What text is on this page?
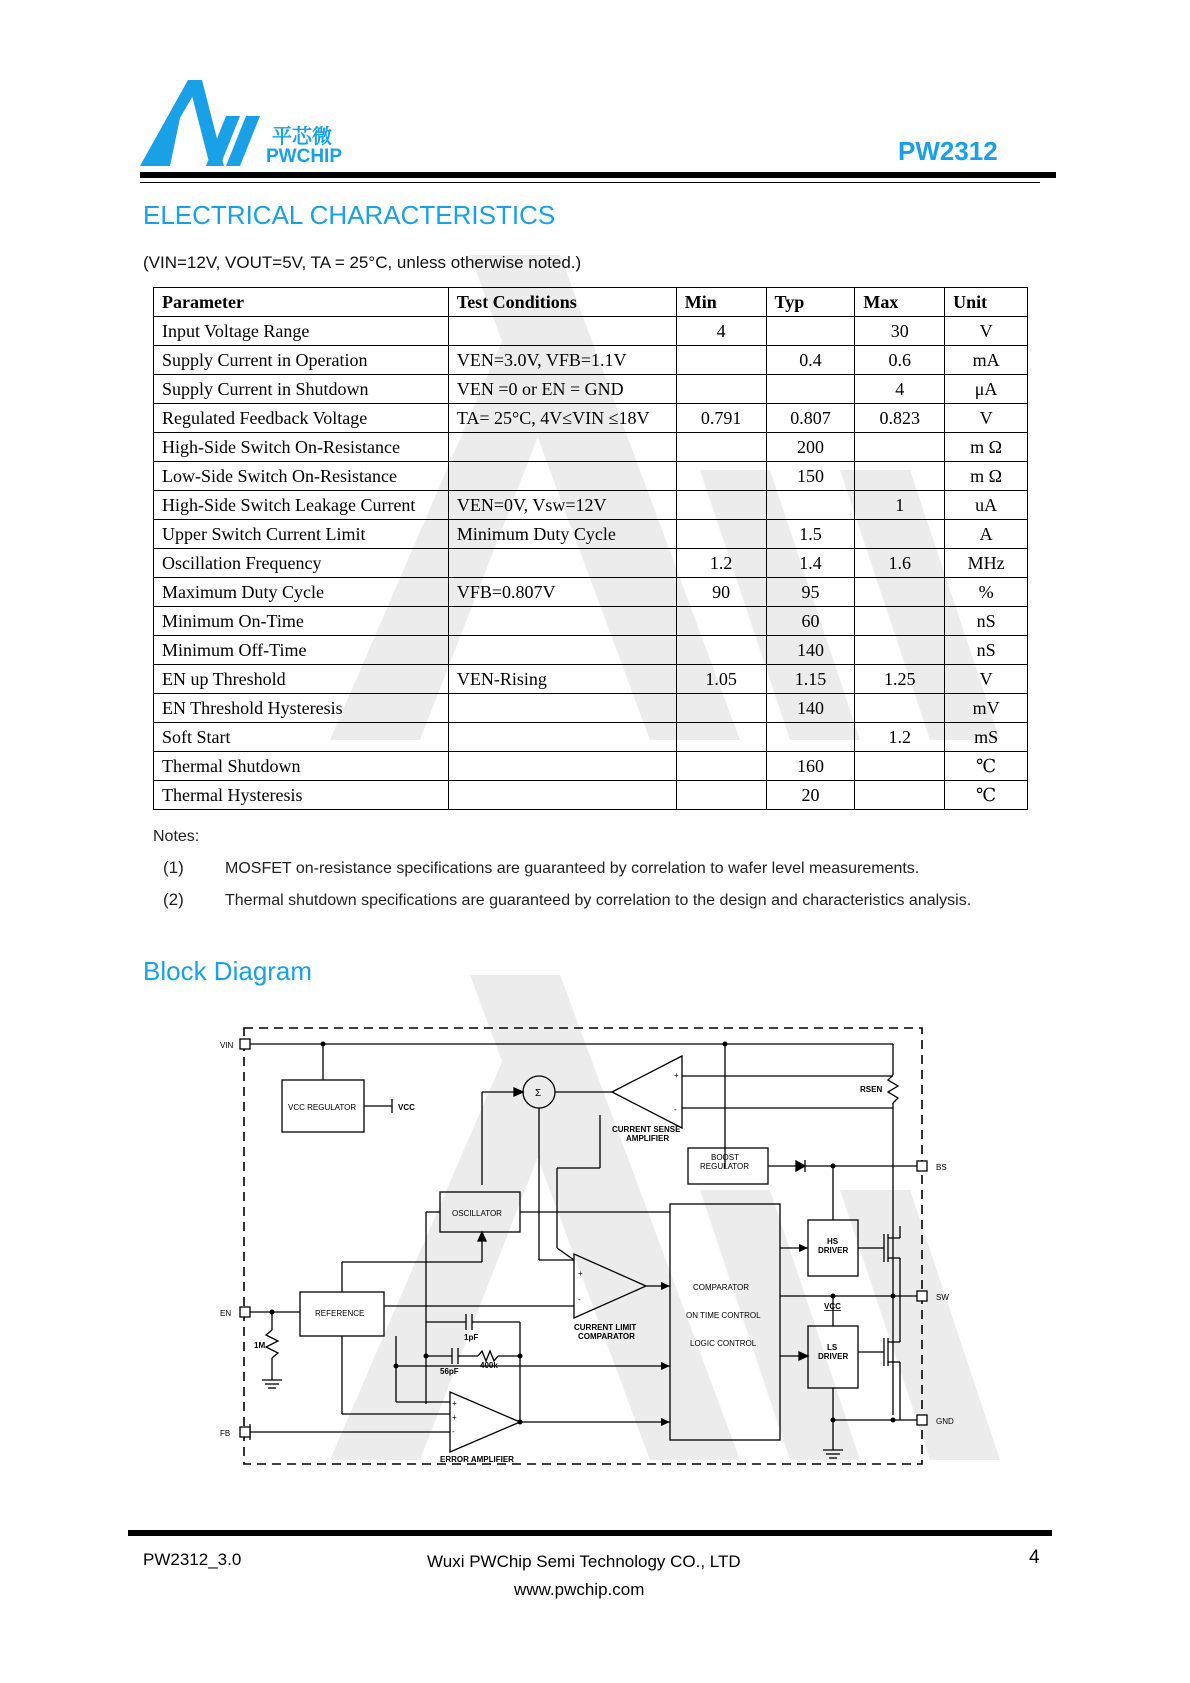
平芯微
PWCHIP	PW2312
ELECTRICAL CHARACTERISTICS
(VIN=12V, VOUT=5V, TA = 25°C, unless otherwise noted.)
Parameter	Test Conditions	Min	Typ	Max	Unit
Input Voltage Range		4		30	V
Supply Current in Operation	VEN=3.0V, VFB=1.1V		0.4	0.6	mA
Supply Current in Shutdown	VEN =0 or EN = GND			4	μA
Regulated Feedback Voltage	TA= 25°C, 4V≤VIN ≤18V	0.791	0.807	0.823	V
High-Side Switch On-Resistance			200		m Ω
Low-Side Switch On-Resistance			150		m Ω
High-Side Switch Leakage Current	VEN=0V, Vsw=12V			1	uA
Upper Switch Current Limit	Minimum Duty Cycle		1.5		A
Oscillation Frequency		1.2	1.4	1.6	MHz
Maximum Duty Cycle	VFB=0.807V	90	95		%
Minimum On-Time			60		nS
Minimum Off-Time			140		nS
EN up Threshold	VEN-Rising	1.05	1.15	1.25	V
EN Threshold Hysteresis			140		mV
Soft Start				1.2	mS
Thermal Shutdown			160		℃
Thermal Hysteresis			20		℃
Notes:
(1)	MOSFET on-resistance specifications are guaranteed by correlation to wafer level measurements.
(2)	Thermal shutdown specifications are guaranteed by correlation to the design and characteristics analysis.
Block Diagram
VIN
EN
FB
BS
SW
GND
VCC REGULATOR	VCC
Σ
CURRENT SENSE
AMPLIFIER
RSEN
BOOST
REGULATOR
OSCILLATOR
REFERENCE
COMPARATOR
ON TIME CONTROL
LOGIC CONTROL
HS
DRIVER
LS
DRIVER
VCC
CURRENT LIMIT
COMPARATOR
1pF
56pF
400k
1M
ERROR AMPLIFIER
+
-
+
-
+
+
-
PW2312_3.0	Wuxi PWChip Semi Technology CO., LTD
www.pwchip.com
4
